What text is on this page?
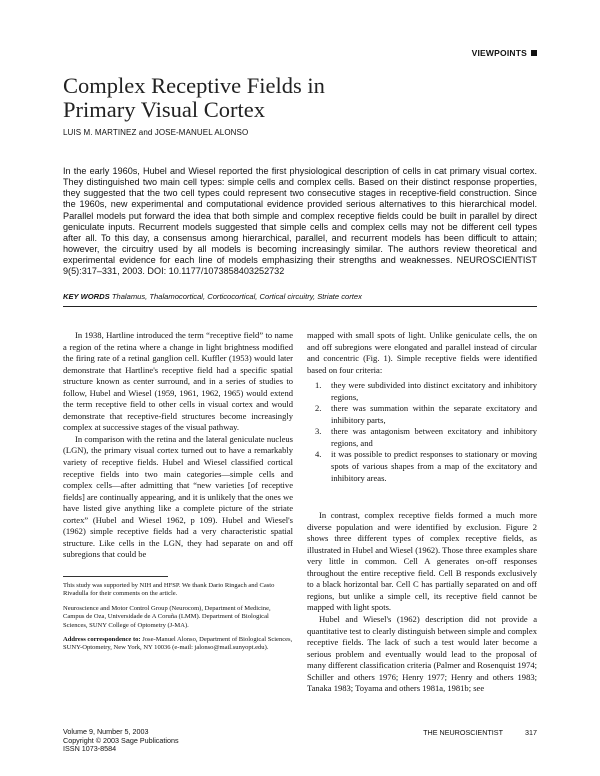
VIEWPOINTS
Complex Receptive Fields in
Primary Visual Cortex
LUIS M. MARTINEZ and JOSE-MANUEL ALONSO
In the early 1960s, Hubel and Wiesel reported the first physiological description of cells in cat primary visual cortex. They distinguished two main cell types: simple cells and complex cells. Based on their distinct response properties, they suggested that the two cell types could represent two consecutive stages in receptive-field construction. Since the 1960s, new experimental and computational evidence provided serious alternatives to this hierarchical model. Parallel models put forward the idea that both simple and complex receptive fields could be built in parallel by direct geniculate inputs. Recurrent models suggested that simple cells and complex cells may not be different cell types after all. To this day, a consensus among hierarchical, parallel, and recurrent models has been difficult to attain; however, the circuitry used by all models is becoming increasingly similar. The authors review theoretical and experimental evidence for each line of models emphasizing their strengths and weaknesses. NEUROSCIENTIST 9(5):317–331, 2003. DOI: 10.1177/1073858403252732
KEY WORDS Thalamus, Thalamocortical, Corticocortical, Cortical circuitry, Striate cortex

In 1938, Hartline introduced the term “receptive field” to name a region of the retina where a change in light brightness modified the firing rate of a retinal ganglion cell. Kuffler (1953) would later demonstrate that Hartline's receptive field had a specific spatial structure known as center surround, and in a series of studies to follow, Hubel and Wiesel (1959, 1961, 1962, 1965) would extend the term receptive field to other cells in visual cortex and would demonstrate that receptive-field structures become increasingly complex at successive stages of the visual pathway.

In comparison with the retina and the lateral geniculate nucleus (LGN), the primary visual cortex turned out to have a remarkably variety of receptive fields. Hubel and Wiesel classified cortical receptive fields into two main categories—simple cells and complex cells—after admitting that “new varieties [of receptive fields] are continually appearing, and it is unlikely that the ones we have listed give anything like a complete picture of the striate cortex” (Hubel and Wiesel 1962, p 109). Hubel and Wiesel's (1962) simple receptive fields had a very characteristic spatial structure. Like cells in the LGN, they had separate on and off subregions that could be

mapped with small spots of light. Unlike geniculate cells, the on and off subregions were elongated and parallel instead of circular and concentric (Fig. 1). Simple receptive fields were identified based on four criteria:

1.	they were subdivided into distinct excitatory and inhibitory regions,
2.	there was summation within the separate excitatory and inhibitory parts,
3.	there was antagonism between excitatory and inhibitory regions, and
4.	it was possible to predict responses to stationary or moving spots of various shapes from a map of the excitatory and inhibitory areas.

In contrast, complex receptive fields formed a much more diverse population and were identified by exclusion. Figure 2 shows three different types of complex receptive fields, as illustrated in Hubel and Wiesel (1962). Those three examples share very little in common. Cell A generates on-off responses throughout the entire receptive field. Cell B responds exclusively to a black horizontal bar. Cell C has partially separated on and off regions, but unlike a simple cell, its receptive field cannot be mapped with light spots.

Hubel and Wiesel's (1962) description did not provide a quantitative test to clearly distinguish between simple and complex receptive fields. The lack of such a test would later become a serious problem and eventually would lead to the proposal of many different classification criteria (Palmer and Rosenquist 1974; Schiller and others 1976; Henry 1977; Henry and others 1983; Tanaka 1983; Toyama and others 1981a, 1981b; see

This study was supported by NIH and HFSP. We thank Dario Ringach and Casto Rivadulla for their comments on the article.

Neuroscience and Motor Control Group (Neurocom), Department of Medicine, Campus de Oza, Universidade de A Coruña (LMM). Department of Biological Sciences, SUNY College of Optometry (J-MA).

Address correspondence to: Jose-Manuel Alonso, Department of Biological Sciences, SUNY-Optometry, New York, NY 10036 (e-mail: jalonso@mail.sunyopt.edu).

Volume 9, Number 5, 2003
Copyright © 2003 Sage Publications
ISSN 1073-8584
THE NEUROSCIENTIST	317
